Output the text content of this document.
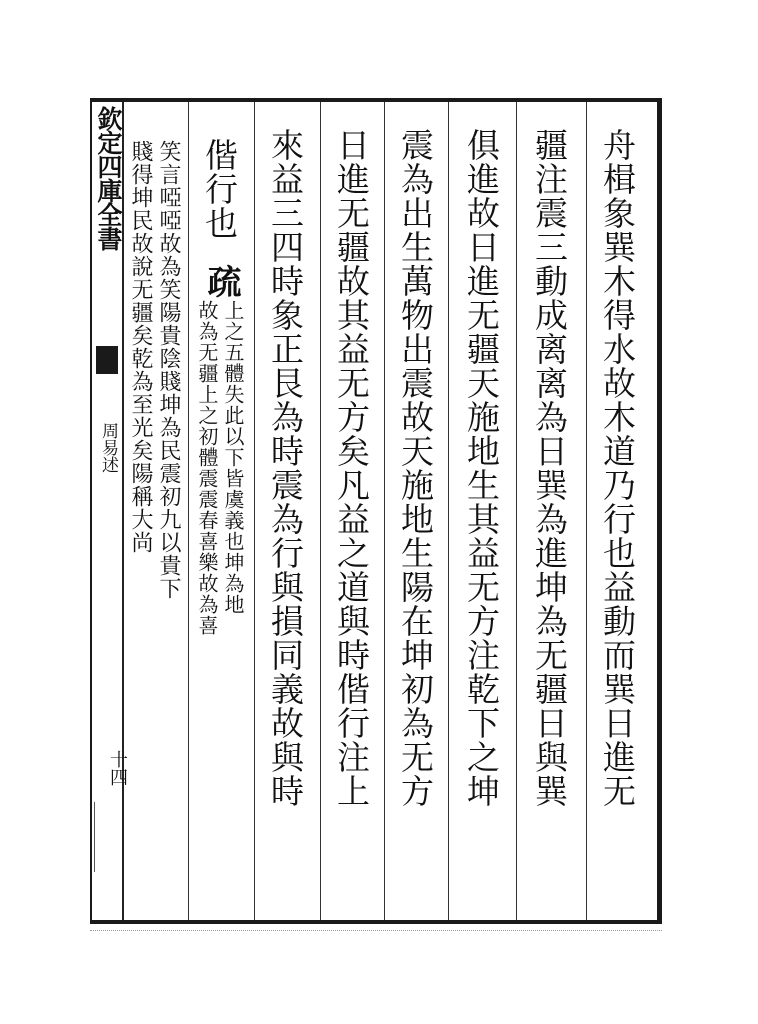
欽定四庫全書
周易述
十四	舟楫象巽木得水故木道乃行也益動而巽日進无
疆注震三動成离离為日巽為進坤為无疆日與巽
俱進故日進无疆天施地生其益无方注乾下之坤
震為出生萬物出震故天施地生陽在坤初為无方
日進无疆故其益无方矣凡益之道與時偕行注上
來益三四時象正艮為時震為行與損同義故與時
偕行也
疏
上之五體失此以下皆虞義也坤為地
故為无疆上之初體震震春喜樂故為喜
笑言啞啞故為笑陽貴陰賤坤為民震初九以貴下
賤得坤民故說无疆矣乾為至光矣陽稱大尚
